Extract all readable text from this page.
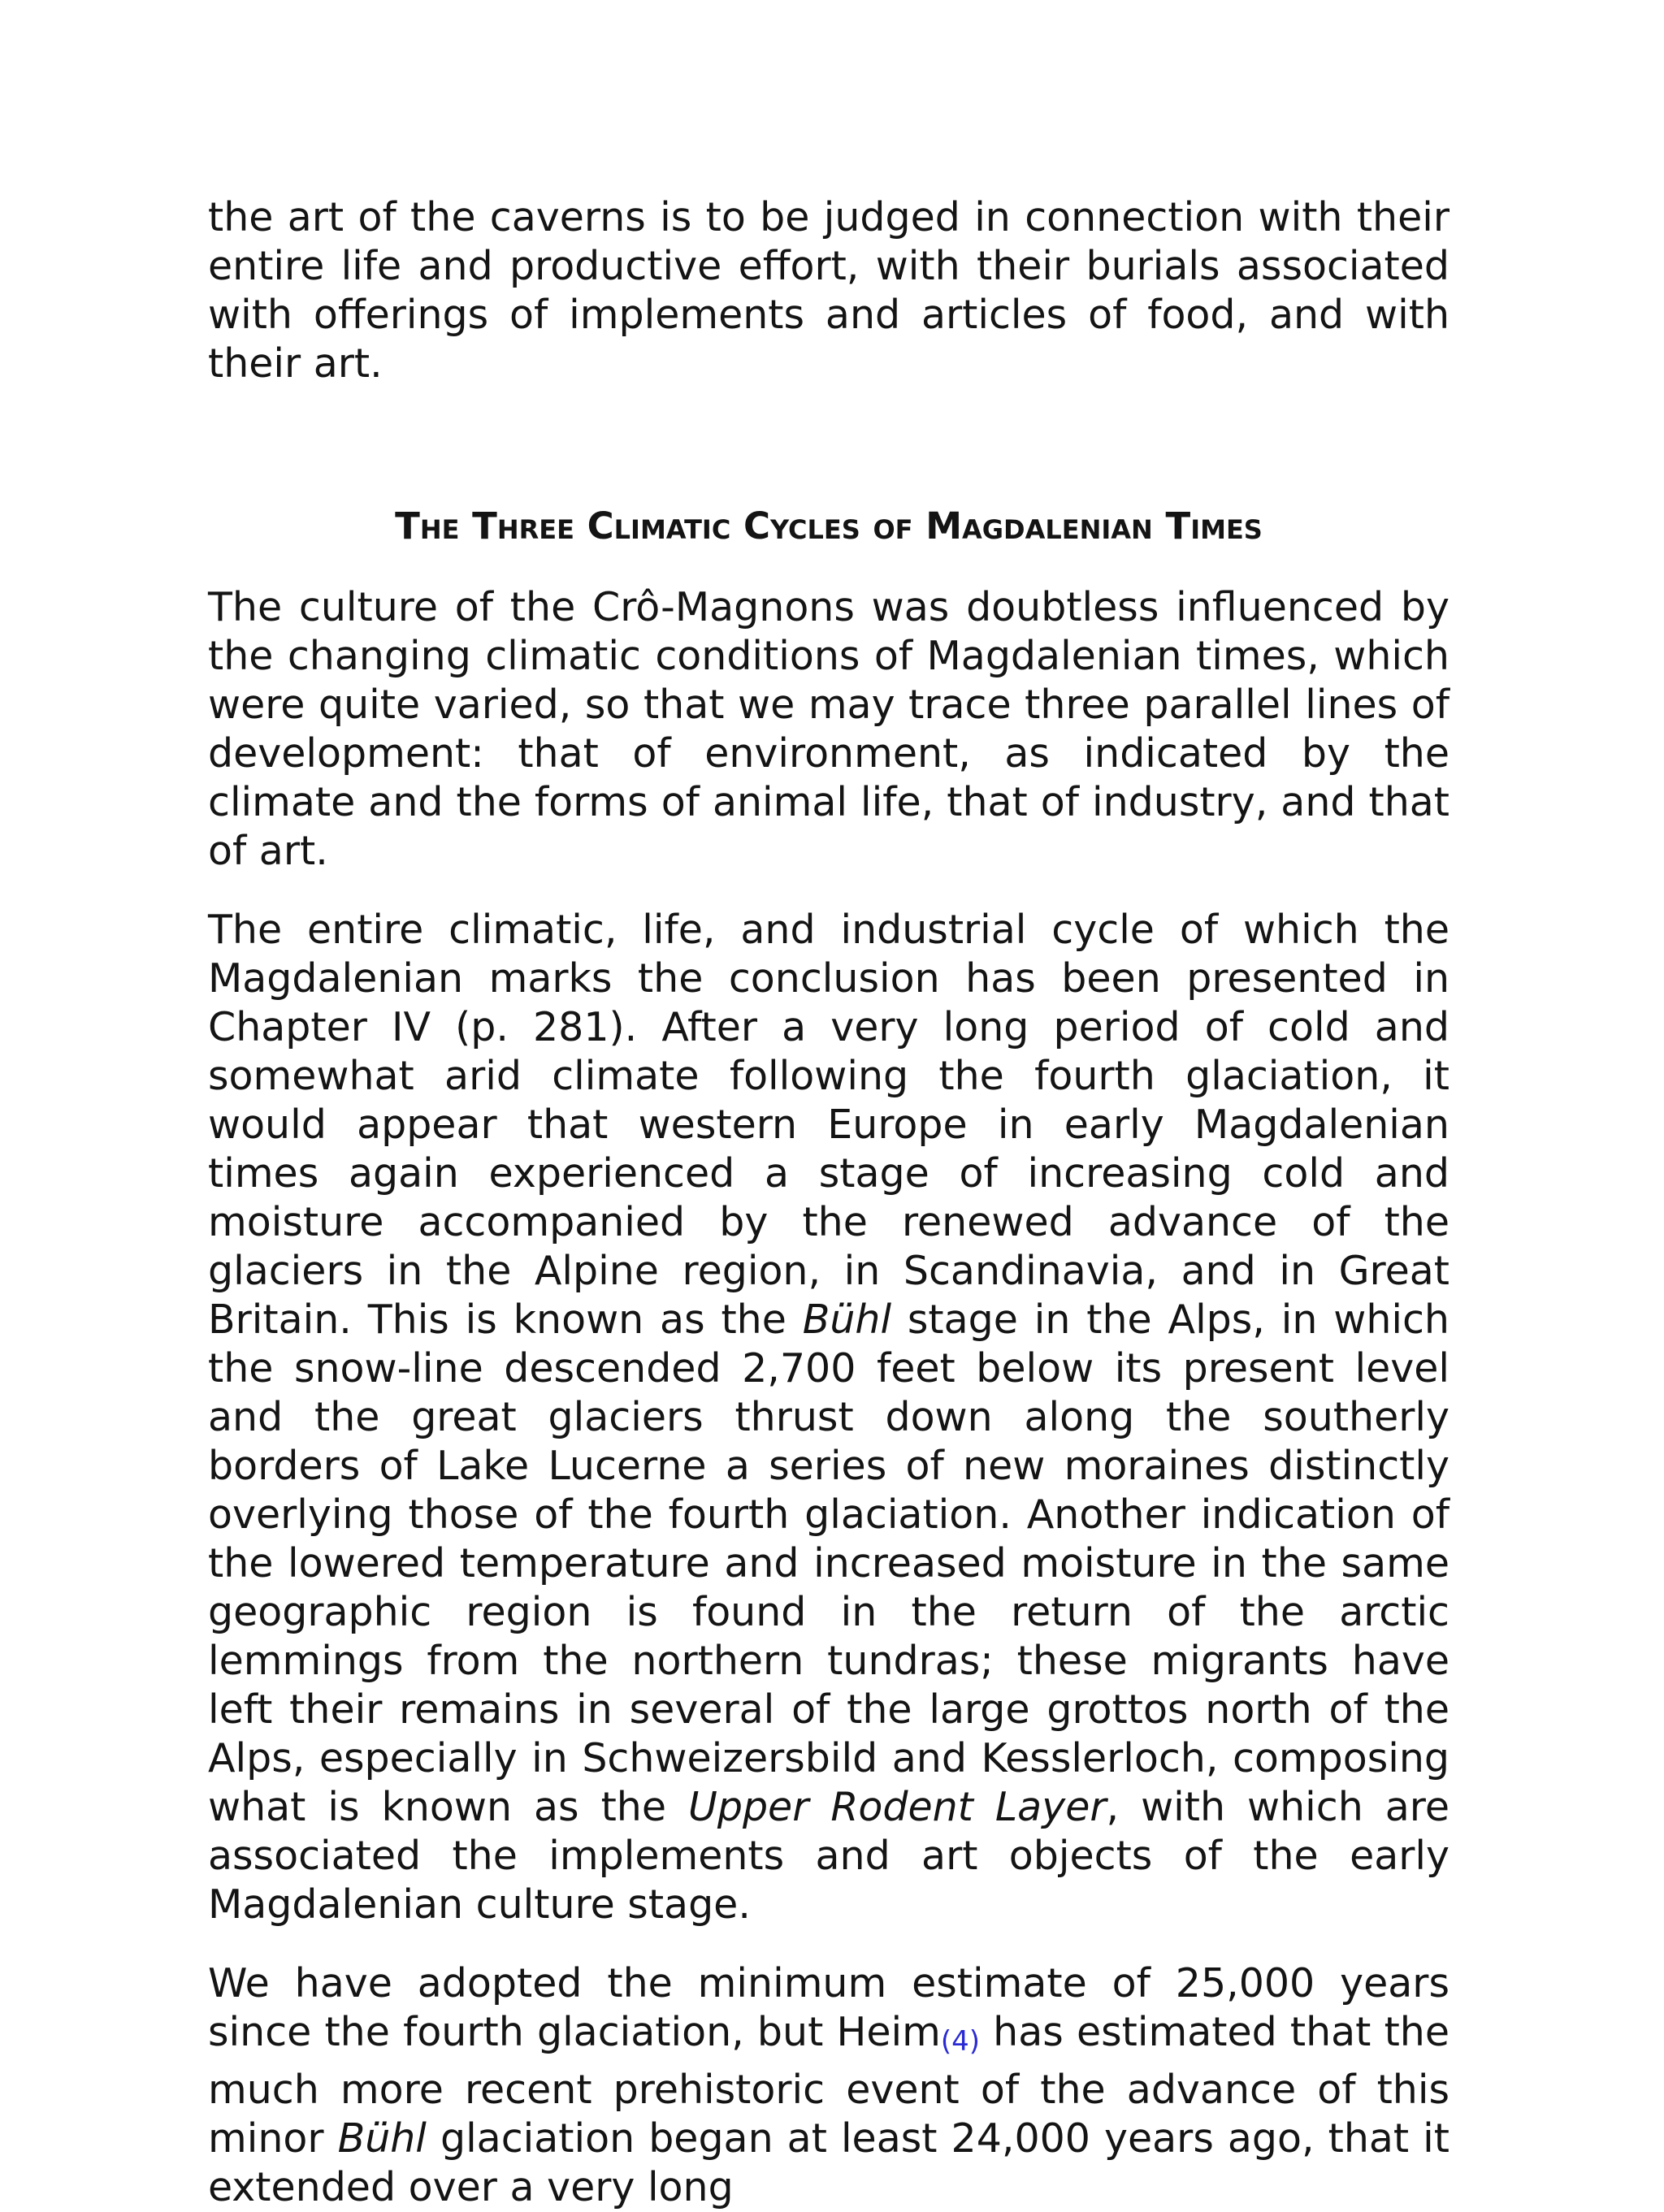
the art of the caverns is to be judged in connection with their entire life and productive effort, with their burials associated with offerings of implements and articles of food, and with their art.

The Three Climatic Cycles of Magdalenian Times

The culture of the Crô-Magnons was doubtless influenced by the changing climatic conditions of Magdalenian times, which were quite varied, so that we may trace three parallel lines of development: that of environment, as indicated by the climate and the forms of animal life, that of industry, and that of art.

The entire climatic, life, and industrial cycle of which the Magdalenian marks the conclusion has been presented in Chapter IV (p. 281). After a very long period of cold and somewhat arid climate following the fourth glaciation, it would appear that western Europe in early Magdalenian times again experienced a stage of increasing cold and moisture accompanied by the renewed advance of the glaciers in the Alpine region, in Scandinavia, and in Great Britain. This is known as the Bühl stage in the Alps, in which the snow-line descended 2,700 feet below its present level and the great glaciers thrust down along the southerly borders of Lake Lucerne a series of new moraines distinctly overlying those of the fourth glaciation. Another indication of the lowered temperature and increased moisture in the same geographic region is found in the return of the arctic lemmings from the northern tundras; these migrants have left their remains in several of the large grottos north of the Alps, especially in Schweizersbild and Kesslerloch, composing what is known as the Upper Rodent Layer, with which are associated the implements and art objects of the early Magdalenian culture stage.

We have adopted the minimum estimate of 25,000 years since the fourth glaciation, but Heim(4) has estimated that the much more recent prehistoric event of the advance of this minor Bühl glaciation began at least 24,000 years ago, that it extended over a very long
